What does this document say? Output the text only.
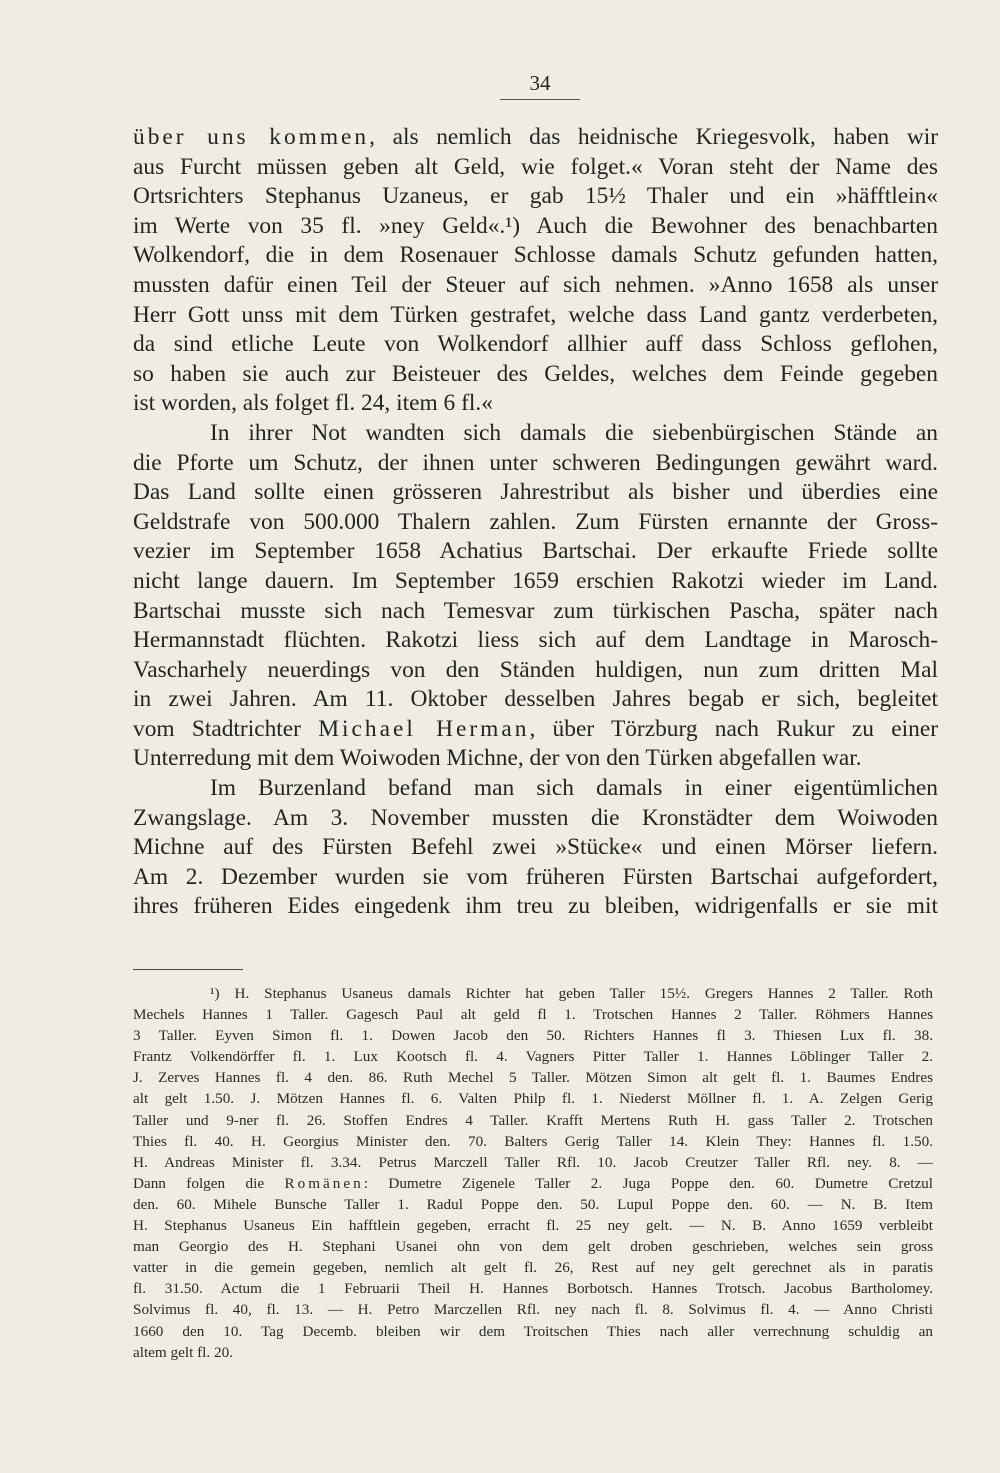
34
über uns kommen, als nemlich das heidnische Kriegesvolk, haben wir
aus Furcht müssen geben alt Geld, wie folget.« Voran steht der Name des
Ortsrichters Stephanus Uzaneus, er gab 15½ Thaler und ein »häfftlein«
im Werte von 35 fl. »ney Geld«.¹) Auch die Bewohner des benachbarten
Wolkendorf, die in dem Rosenauer Schlosse damals Schutz gefunden hatten,
mussten dafür einen Teil der Steuer auf sich nehmen. »Anno 1658 als unser
Herr Gott unss mit dem Türken gestrafet, welche dass Land gantz verderbeten,
da sind etliche Leute von Wolkendorf allhier auff dass Schloss geflohen,
so haben sie auch zur Beisteuer des Geldes, welches dem Feinde gegeben
ist worden, als folget fl. 24, item 6 fl.«
In ihrer Not wandten sich damals die siebenbürgischen Stände an
die Pforte um Schutz, der ihnen unter schweren Bedingungen gewährt ward.
Das Land sollte einen grösseren Jahrestribut als bisher und überdies eine
Geldstrafe von 500.000 Thalern zahlen. Zum Fürsten ernannte der Gross-
vezier im September 1658 Achatius Bartschai. Der erkaufte Friede sollte
nicht lange dauern. Im September 1659 erschien Rakotzi wieder im Land.
Bartschai musste sich nach Temesvar zum türkischen Pascha, später nach
Hermannstadt flüchten. Rakotzi liess sich auf dem Landtage in Marosch-
Vascharhely neuerdings von den Ständen huldigen, nun zum dritten Mal
in zwei Jahren. Am 11. Oktober desselben Jahres begab er sich, begleitet
vom Stadtrichter Michael Herman, über Törzburg nach Rukur zu einer
Unterredung mit dem Woiwoden Michne, der von den Türken abgefallen war.
Im Burzenland befand man sich damals in einer eigentümlichen
Zwangslage. Am 3. November mussten die Kronstädter dem Woiwoden
Michne auf des Fürsten Befehl zwei »Stücke« und einen Mörser liefern.
Am 2. Dezember wurden sie vom früheren Fürsten Bartschai aufgefordert,
ihres früheren Eides eingedenk ihm treu zu bleiben, widrigenfalls er sie mit
¹) H. Stephanus Usaneus damals Richter hat geben Taller 15½. Gregers Hannes 2 Taller. Roth
Mechels Hannes 1 Taller. Gagesch Paul alt geld fl 1. Trotschen Hannes 2 Taller. Röhmers Hannes
3 Taller. Eyven Simon fl. 1. Dowen Jacob den 50. Richters Hannes fl 3. Thiesen Lux fl. 38.
Frantz Volkendörffer fl. 1. Lux Kootsch fl. 4. Vagners Pitter Taller 1. Hannes Löblinger Taller 2.
J. Zerves Hannes fl. 4 den. 86. Ruth Mechel 5 Taller. Mötzen Simon alt gelt fl. 1. Baumes Endres
alt gelt 1.50. J. Mötzen Hannes fl. 6. Valten Philp fl. 1. Niederst Möllner fl. 1. A. Zelgen Gerig
Taller und 9-ner fl. 26. Stoffen Endres 4 Taller. Krafft Mertens Ruth H. gass Taller 2. Trotschen
Thies fl. 40. H. Georgius Minister den. 70. Balters Gerig Taller 14. Klein They: Hannes fl. 1.50.
H. Andreas Minister fl. 3.34. Petrus Marczell Taller Rfl. 10. Jacob Creutzer Taller Rfl. ney. 8. —
Dann folgen die Romänen: Dumetre Zigenele Taller 2. Juga Poppe den. 60. Dumetre Cretzul
den. 60. Mihele Bunsche Taller 1. Radul Poppe den. 50. Lupul Poppe den. 60. — N. B. Item
H. Stephanus Usaneus Ein hafftlein gegeben, erracht fl. 25 ney gelt. — N. B. Anno 1659 verbleibt
man Georgio des H. Stephani Usanei ohn von dem gelt droben geschrieben, welches sein gross
vatter in die gemein gegeben, nemlich alt gelt fl. 26, Rest auf ney gelt gerechnet als in paratis
fl. 31.50. Actum die 1 Februarii Theil H. Hannes Borbotsch. Hannes Trotsch. Jacobus Bartholomey.
Solvimus fl. 40, fl. 13. — H. Petro Marczellen Rfl. ney nach fl. 8. Solvimus fl. 4. — Anno Christi
1660 den 10. Tag Decemb. bleiben wir dem Troitschen Thies nach aller verrechnung schuldig an
altem gelt fl. 20.
